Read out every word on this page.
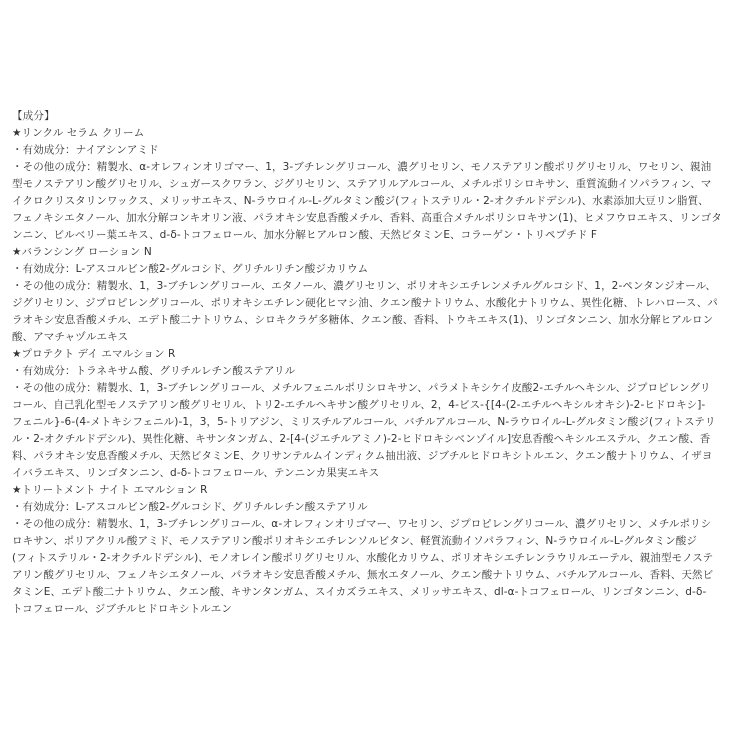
【成分】
★リンクル セラム クリーム
・有効成分：ナイアシンアミド
・その他の成分：精製水、α-オレフィンオリゴマー、1，3-ブチレングリコール、濃グリセリン、モノステアリン酸ポリグリセリル、ワセリン、親油
型モノステアリン酸グリセリル、シュガースクワラン、ジグリセリン、ステアリルアルコール、メチルポリシロキサン、重質流動イソパラフィン、マ
イクロクリスタリンワックス、メリッサエキス、N-ラウロイル-L-グルタミン酸ジ(フィトステリル・2-オクチルドデシル)、水素添加大豆リン脂質、
フェノキシエタノール、加水分解コンキオリン液、パラオキシ安息香酸メチル、香料、高重合メチルポリシロキサン(1)、ヒメフウロエキス、リンゴタ
ンニン、ビルベリー葉エキス、d-δ-トコフェロール、加水分解ヒアルロン酸、天然ビタミンE、コラーゲン・トリペプチド F
★バランシング ローション N
・有効成分：L-アスコルビン酸2-グルコシド、グリチルリチン酸ジカリウム
・その他の成分：精製水、1，3-ブチレングリコール、エタノール、濃グリセリン、ポリオキシエチレンメチルグルコシド、1，2-ペンタンジオール、
ジグリセリン、ジプロピレングリコール、ポリオキシエチレン硬化ヒマシ油、クエン酸ナトリウム、水酸化ナトリウム、異性化糖、トレハロース、パ
ラオキシ安息香酸メチル、エデト酸二ナトリウム、シロキクラゲ多糖体、クエン酸、香料、トウキエキス(1)、リンゴタンニン、加水分解ヒアルロン
酸、アマチャヅルエキス
★プロテクト デイ エマルション R
・有効成分：トラネキサム酸、グリチルレチン酸ステアリル
・その他の成分：精製水、1，3-ブチレングリコール、メチルフェニルポリシロキサン、パラメトキシケイ皮酸2-エチルヘキシル、ジプロピレングリ
コール、自己乳化型モノステアリン酸グリセリル、トリ2-エチルヘキサン酸グリセリル、2，4-ビス-{[4-(2-エチルヘキシルオキシ)-2-ヒドロキシ]-
フェニル}-6-(4-メトキシフェニル)-1，3，5-トリアジン、ミリスチルアルコール、バチルアルコール、N-ラウロイル-L-グルタミン酸ジ(フィトステリ
ル・2-オクチルドデシル)、異性化糖、キサンタンガム、2-[4-(ジエチルアミノ)-2-ヒドロキシベンゾイル]安息香酸ヘキシルエステル、クエン酸、香
料、パラオキシ安息香酸メチル、天然ビタミンE、クリサンテルムインディクム抽出液、ジブチルヒドロキシトルエン、クエン酸ナトリウム、イザヨ
イバラエキス、リンゴタンニン、d-δ-トコフェロール、テンニンカ果実エキス
★トリートメント ナイト エマルション R
・有効成分：L-アスコルビン酸2-グルコシド、グリチルレチン酸ステアリル
・その他の成分：精製水、1，3-ブチレングリコール、α-オレフィンオリゴマー、ワセリン、ジプロピレングリコール、濃グリセリン、メチルポリシ
ロキサン、ポリアクリル酸アミド、モノステアリン酸ポリオキシエチレンソルビタン、軽質流動イソパラフィン、N-ラウロイル-L-グルタミン酸ジ
(フィトステリル・2-オクチルドデシル)、モノオレイン酸ポリグリセリル、水酸化カリウム、ポリオキシエチレンラウリルエーテル、親油型モノステ
アリン酸グリセリル、フェノキシエタノール、パラオキシ安息香酸メチル、無水エタノール、クエン酸ナトリウム、バチルアルコール、香料、天然ビ
タミンE、エデト酸二ナトリウム、クエン酸、キサンタンガム、スイカズラエキス、メリッサエキス、dl-α-トコフェロール、リンゴタンニン、d-δ-
トコフェロール、ジブチルヒドロキシトルエン
